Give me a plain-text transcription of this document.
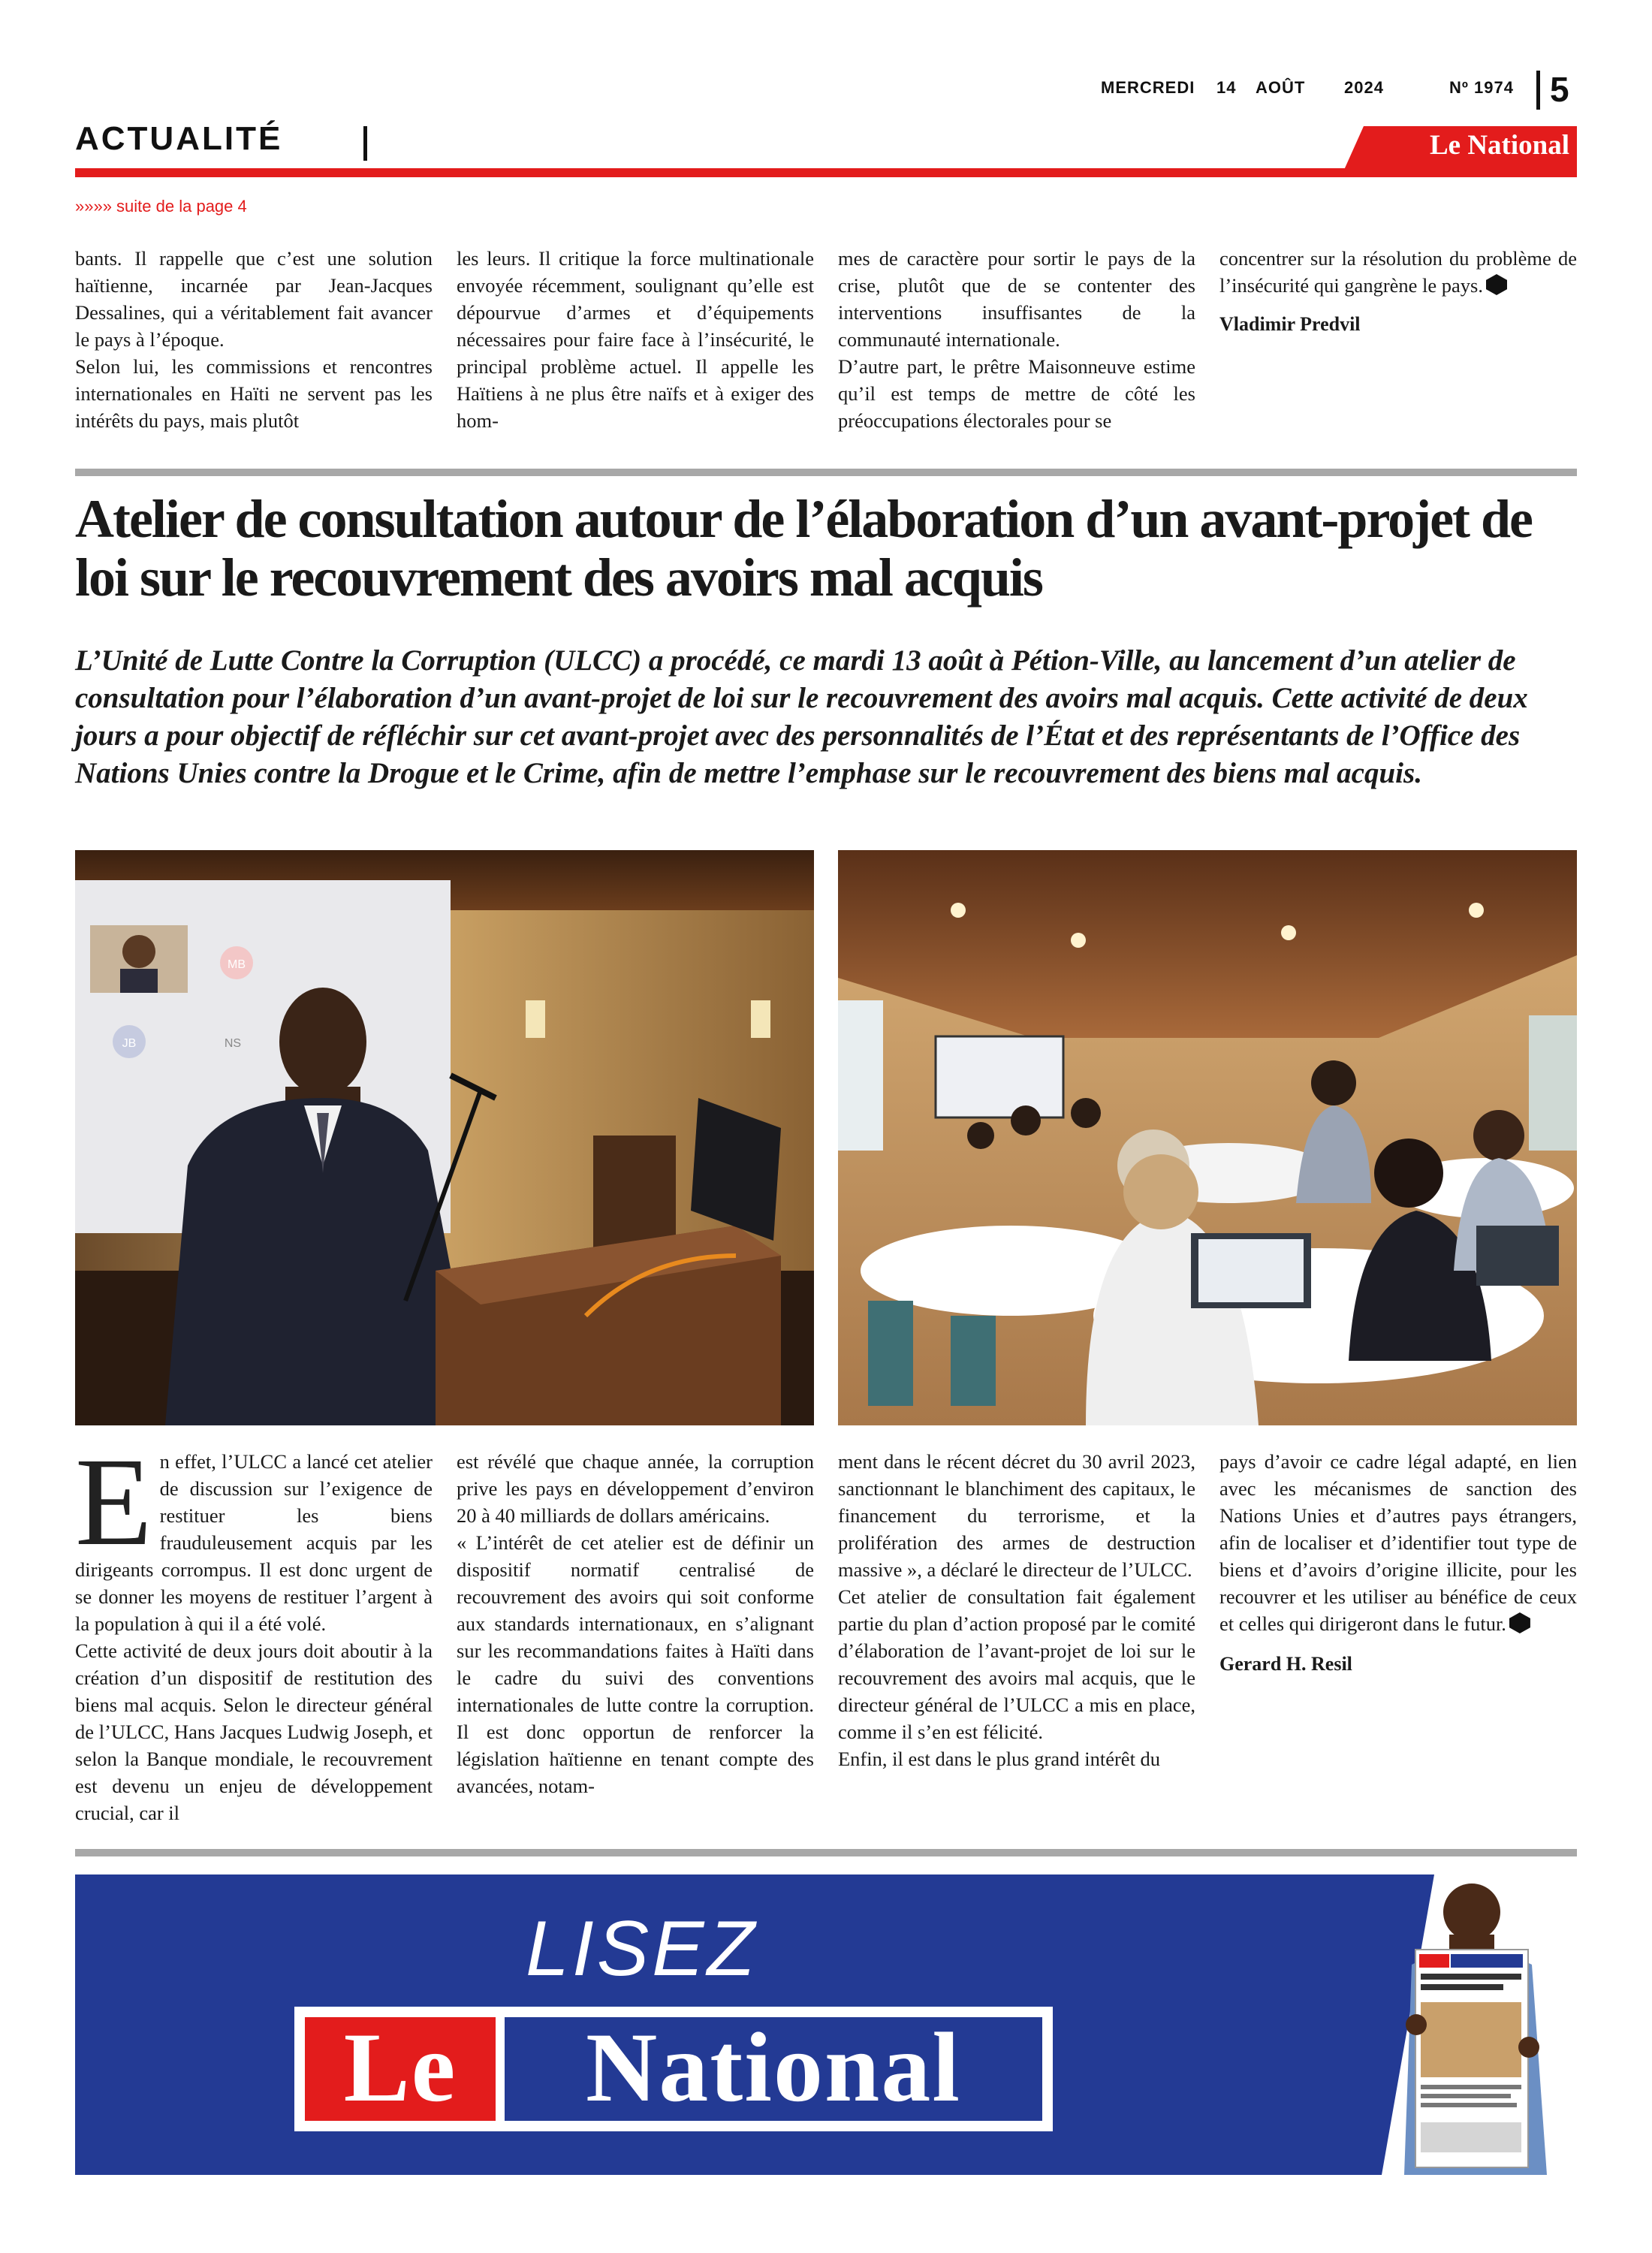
MERCREDI 14 AOÛT 2024	Nº 1974 5
ACTUALITÉ	Le National
»»»» suite de la page 4

bants. Il rappelle que c’est une solution haïtienne, incarnée par Jean-Jacques Dessalines, qui a véritablement fait avancer le pays à l’époque.

Selon lui, les commissions et rencontres internationales en Haïti ne servent pas les intérêts du pays, mais plutôt

les leurs. Il critique la force multinationale envoyée récemment, soulignant qu’elle est dépourvue d’armes et d’équipements nécessaires pour faire face à l’insécurité, le principal problème actuel. Il appelle les Haïtiens à ne plus être naïfs et à exiger des hom-

mes de caractère pour sortir le pays de la crise, plutôt que de se contenter des interventions insuffisantes de la communauté internationale.

D’autre part, le prêtre Maisonneuve estime qu’il est temps de mettre de côté les préoccupations électorales pour se

concentrer sur la résolution du problème de l’insécurité qui gangrène le pays.

Vladimir Predvil

Atelier de consultation autour de l’élaboration d’un avant-projet de loi sur le recouvrement des avoirs mal acquis
L’Unité de Lutte Contre la Corruption (ULCC) a procédé, ce mardi 13 août à Pétion-Ville, au lancement d’un atelier de consultation pour l’élaboration d’un avant-projet de loi sur le recouvrement des avoirs mal acquis. Cette activité de deux jours a pour objectif de réfléchir sur cet avant-projet avec des personnalités de l’État et des représentants de l’Office des Nations Unies contre la Drogue et le Crime, afin de mettre l’emphase sur le recouvrement des biens mal acquis.
MB
JB	NS

En effet, l’ULCC a lancé cet atelier de discussion sur l’exigence de restituer les biens frauduleusement acquis par les dirigeants corrompus. Il est donc urgent de se donner les moyens de restituer l’argent à la population à qui il a été volé.

Cette activité de deux jours doit aboutir à la création d’un dispositif de restitution des biens mal acquis. Selon le directeur général de l’ULCC, Hans Jacques Ludwig Joseph, et selon la Banque mondiale, le recouvrement est devenu un enjeu de développement crucial, car il

est révélé que chaque année, la corruption prive les pays en développement d’environ 20 à 40 milliards de dollars américains.

« L’intérêt de cet atelier est de définir un dispositif normatif centralisé de recouvrement des avoirs qui soit conforme aux standards internationaux, en s’alignant sur les recommandations faites à Haïti dans le cadre du suivi des conventions internationales de lutte contre la corruption. Il est donc opportun de renforcer la législation haïtienne en tenant compte des avancées, notam-

ment dans le récent décret du 30 avril 2023, sanctionnant le blanchiment des capitaux, le financement du terrorisme, et la prolifération des armes de destruction massive », a déclaré le directeur de l’ULCC.

Cet atelier de consultation fait également partie du plan d’action proposé par le comité d’élaboration de l’avant-projet de loi sur le recouvrement des avoirs mal acquis, que le directeur général de l’ULCC a mis en place, comme il s’en est félicité.

Enfin, il est dans le plus grand intérêt du

pays d’avoir ce cadre légal adapté, en lien avec les mécanismes de sanction des Nations Unies et d’autres pays étrangers, afin de localiser et d’identifier tout type de biens et d’avoirs d’origine illicite, pour les recouvrer et les utiliser au bénéfice de ceux et celles qui dirigeront dans le futur.

Gerard H. Resil

LISEZ
Le	National
